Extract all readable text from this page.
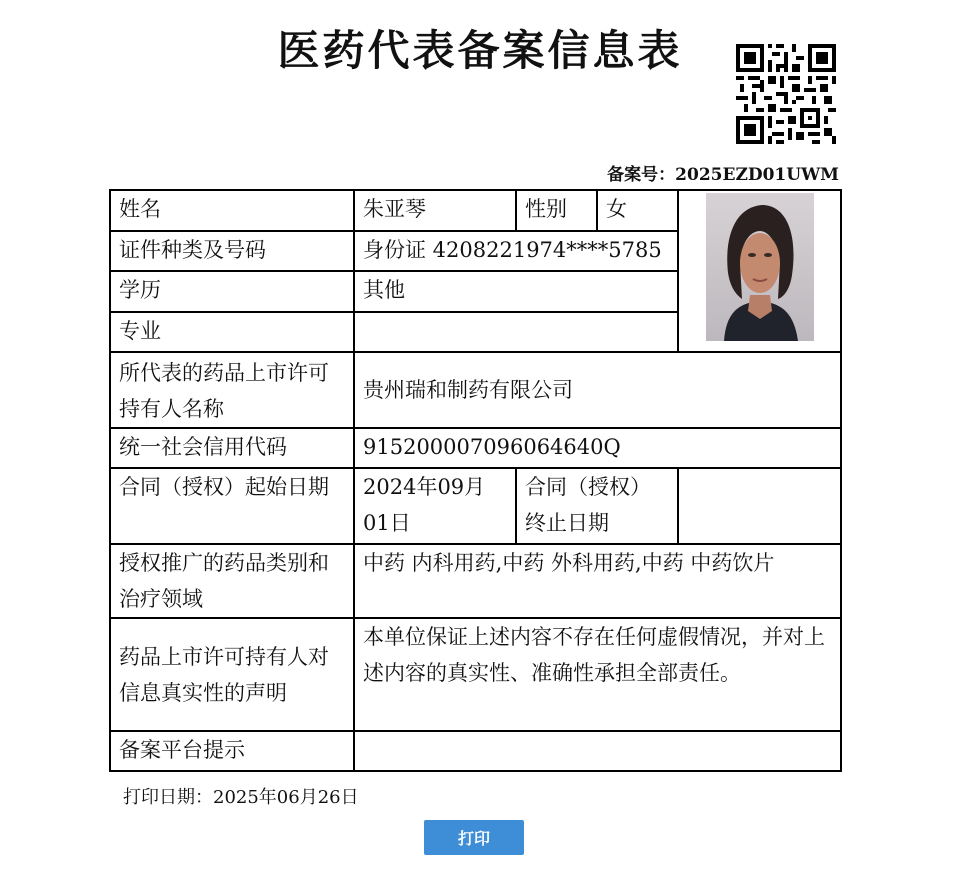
医药代表备案信息表
备案号：2025EZD01UWM
姓名	朱亚琴	性别	女	

证件种类及号码	身份证 4208221974****5785			
学历	其他			
专业				
所代表的药品上市许可持有人名称	贵州瑞和制药有限公司			
统一社会信用代码	915200007096064640Q			
合同（授权）起始日期	2024年09月01日	合同（授权）终止日期		
授权推广的药品类别和治疗领域	中药 内科用药,中药 外科用药,中药 中药饮片			
药品上市许可持有人对信息真实性的声明	本单位保证上述内容不存在任何虚假情况，并对上述内容的真实性、准确性承担全部责任。			
备案平台提示				
打印日期：2025年06月26日
打印
